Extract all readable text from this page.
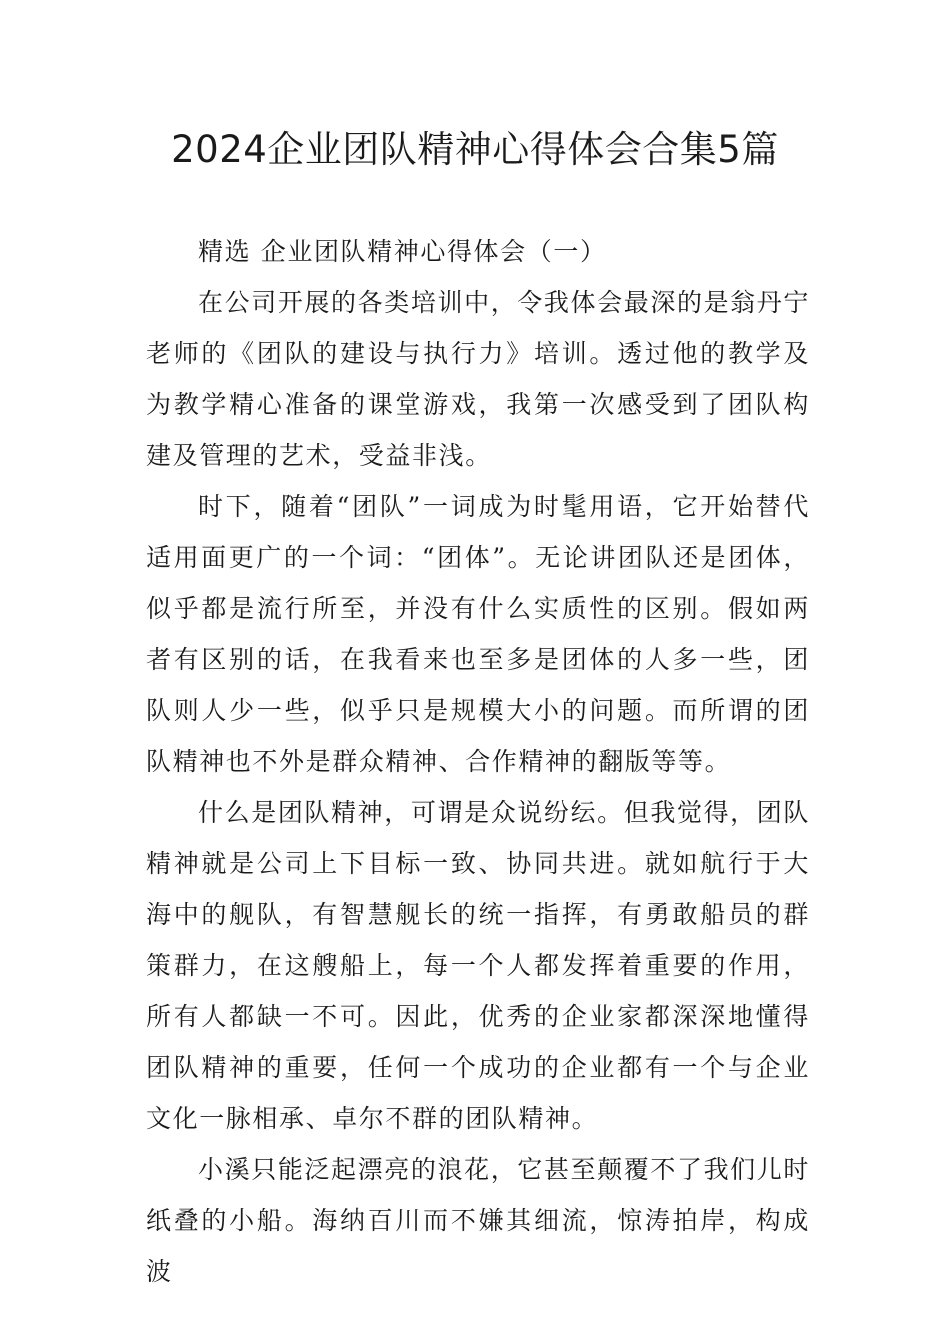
2024企业团队精神心得体会合集5篇

精选 企业团队精神心得体会（一）

在公司开展的各类培训中，令我体会最深的是翁丹宁老师的《团队的建设与执行力》培训。透过他的教学及为教学精心准备的课堂游戏，我第一次感受到了团队构建及管理的艺术，受益非浅。

时下，随着“团队”一词成为时髦用语，它开始替代适用面更广的一个词：“团体”。无论讲团队还是团体，似乎都是流行所至，并没有什么实质性的区别。假如两者有区别的话，在我看来也至多是团体的人多一些，团队则人少一些，似乎只是规模大小的问题。而所谓的团队精神也不外是群众精神、合作精神的翻版等等。

什么是团队精神，可谓是众说纷纭。但我觉得，团队精神就是公司上下目标一致、协同共进。就如航行于大海中的舰队，有智慧舰长的统一指挥，有勇敢船员的群策群力，在这艘船上，每一个人都发挥着重要的作用，所有人都缺一不可。因此，优秀的企业家都深深地懂得团队精神的重要，任何一个成功的企业都有一个与企业文化一脉相承、卓尔不群的团队精神。

小溪只能泛起漂亮的浪花，它甚至颠覆不了我们儿时纸叠的小船。海纳百川而不嫌其细流，惊涛拍岸，构成波
